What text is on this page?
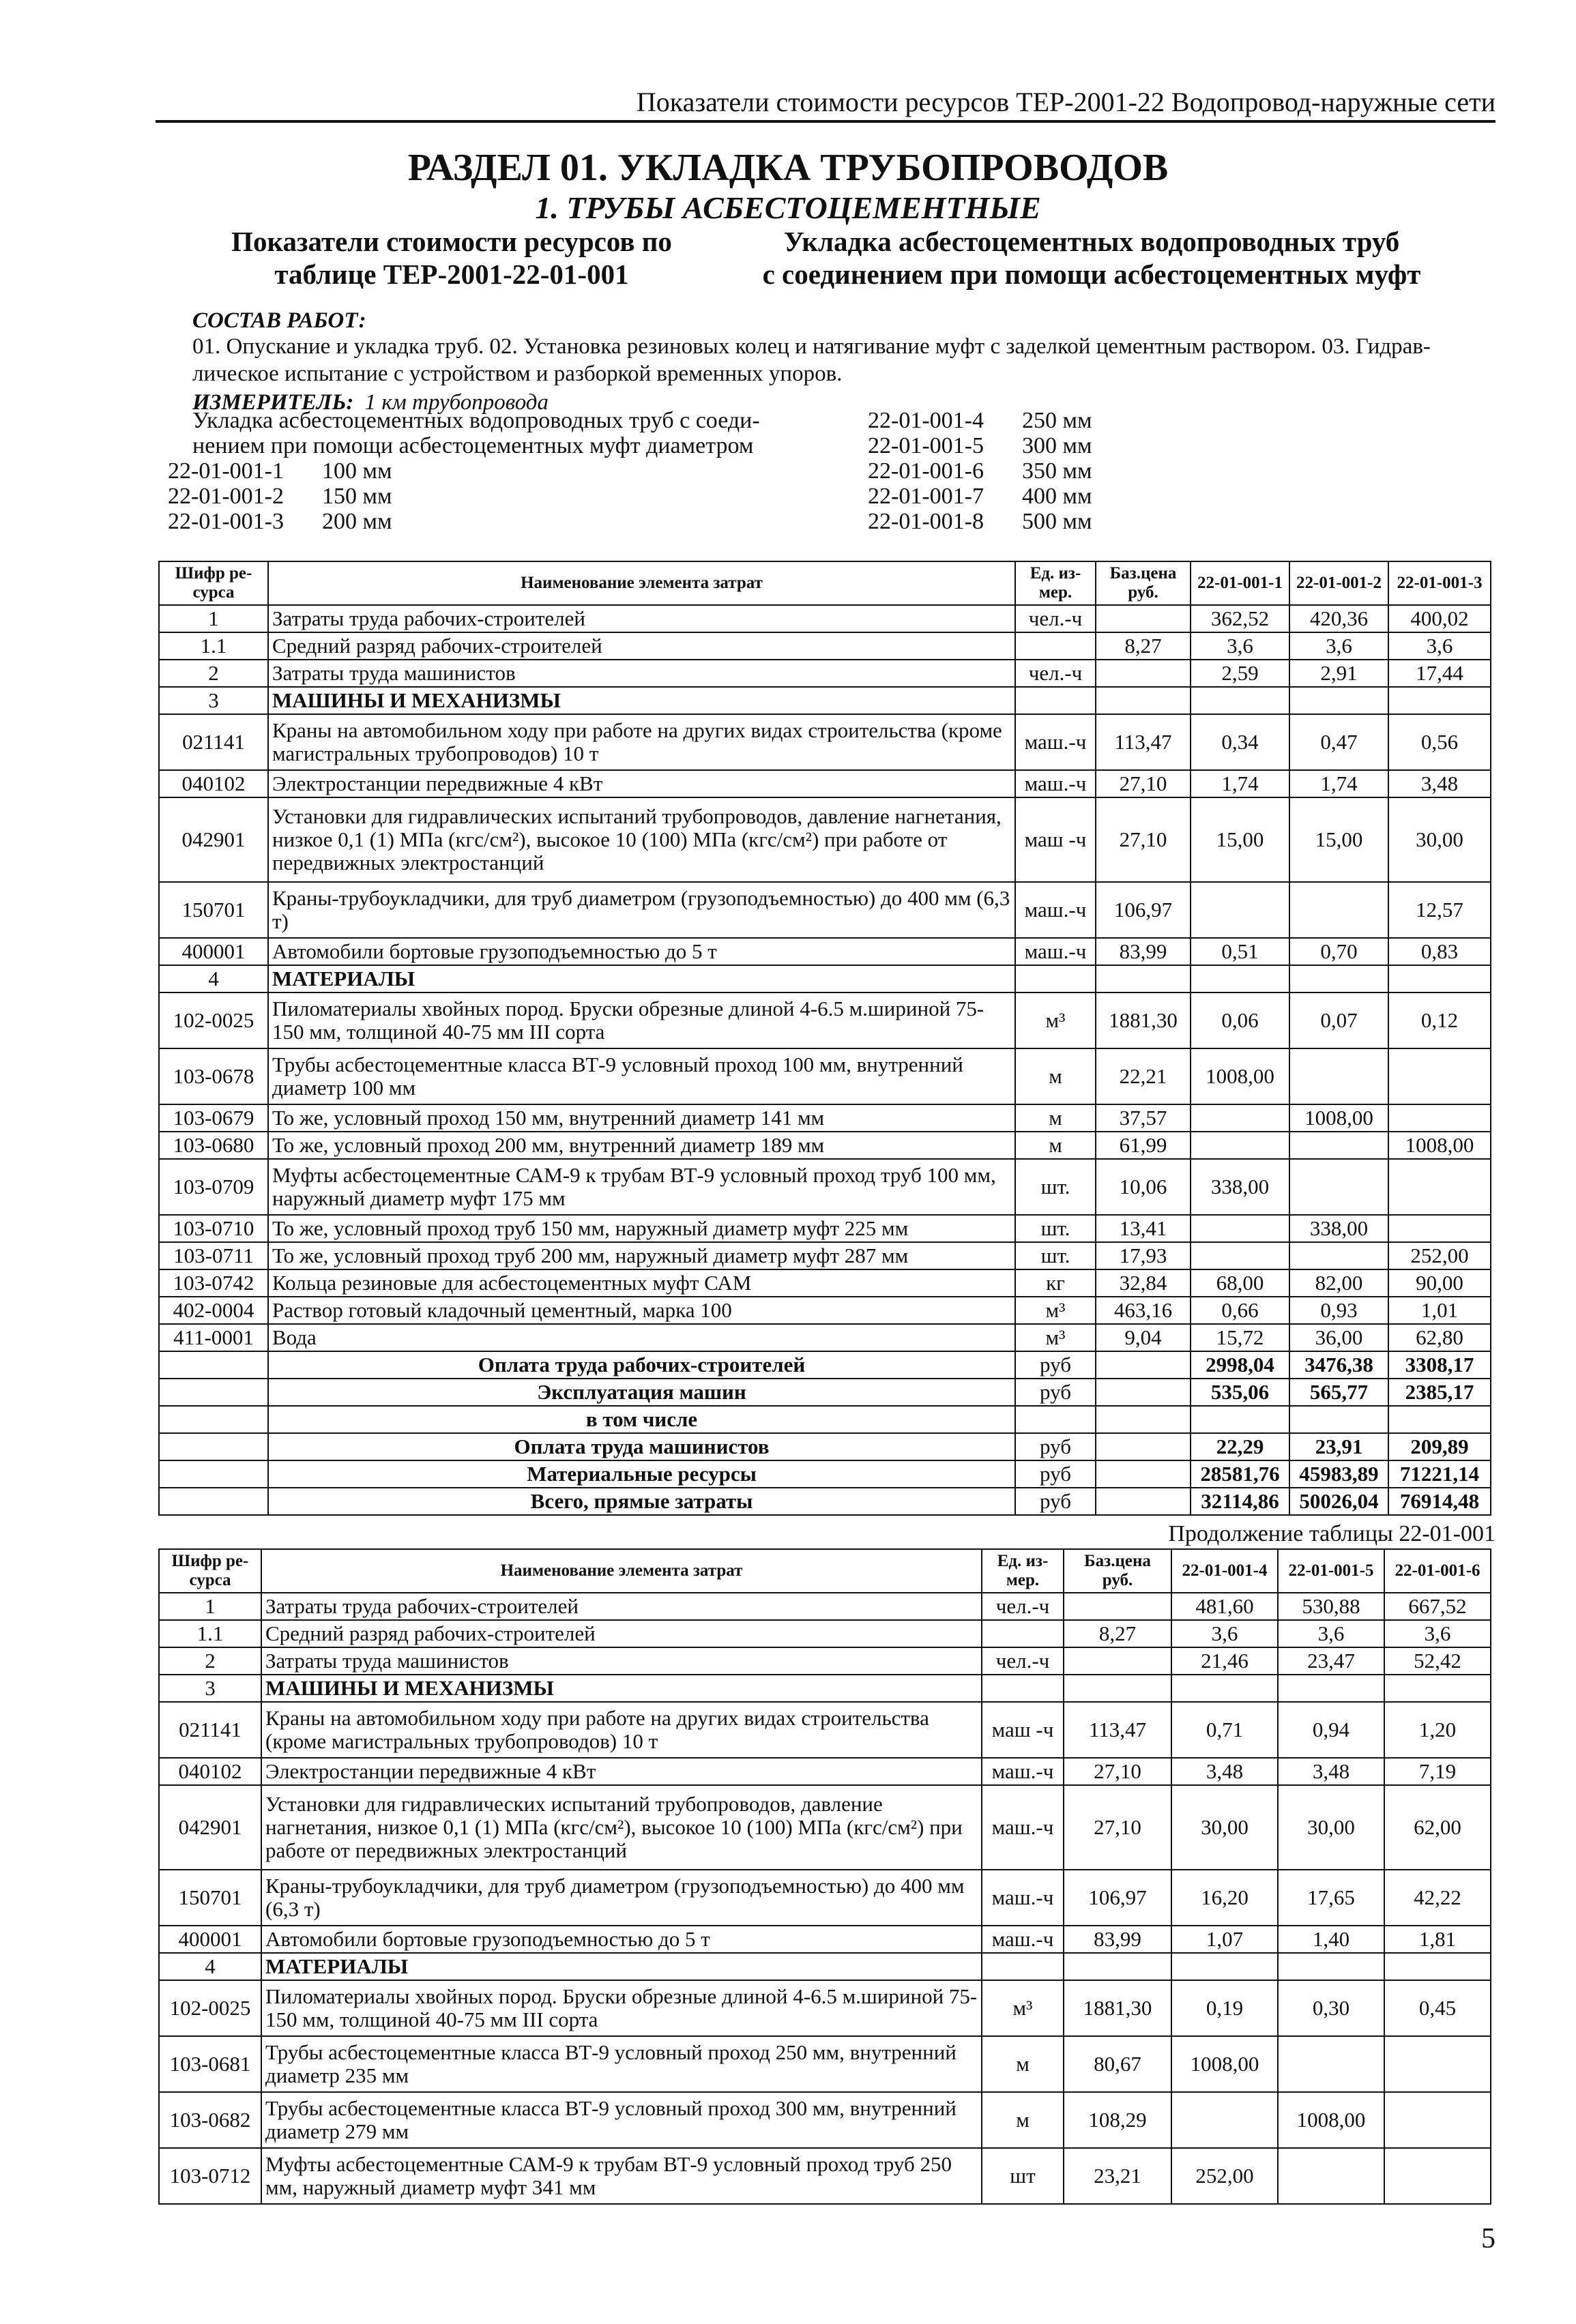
Показатели стоимости ресурсов ТЕР-2001-22 Водопровод-наружные сети
РАЗДЕЛ 01. УКЛАДКА ТРУБОПРОВОДОВ
1. ТРУБЫ АСБЕСТОЦЕМЕНТНЫЕ
Показатели стоимости ресурсов по
таблице ТЕР-2001-22-01-001
Укладка асбестоцементных водопроводных труб
с соединением при помощи асбестоцементных муфт
СОСТАВ РАБОТ:
01. Опускание и укладка труб. 02. Установка резиновых колец и натягивание муфт с заделкой цементным раствором. 03. Гидрав-
лическое испытание с устройством и разборкой временных упоров.
ИЗМЕРИТЕЛЬ: 1 км трубопровода
Укладка асбестоцементных водопроводных труб с соеди-
нением при помощи асбестоцементных муфт диаметром
22-01-001-1 100 мм
22-01-001-2 150 мм
22-01-001-3 200 мм
22-01-001-4 250 мм
22-01-001-5 300 мм
22-01-001-6 350 мм
22-01-001-7 400 мм
22-01-001-8 500 мм
Шифр ре-сурса	Наименование элемента затрат	Ед. из-мер.	Баз.цена руб.	22-01-001-1	22-01-001-2	22-01-001-3
1	Затраты труда рабочих-строителей	чел.-ч		362,52	420,36	400,02
1.1	Средний разряд рабочих-строителей		8,27	3,6	3,6	3,6
2	Затраты труда машинистов	чел.-ч		2,59	2,91	17,44
3	МАШИНЫ И МЕХАНИЗМЫ					
021141	Краны на автомобильном ходу при работе на других видах строительства (кроме магистральных трубопроводов) 10 т	маш.-ч	113,47	0,34	0,47	0,56
040102	Электростанции передвижные 4 кВт	маш.-ч	27,10	1,74	1,74	3,48
042901	Установки для гидравлических испытаний трубопроводов, давление нагнетания, низкое 0,1 (1) МПа (кгс/см²), высокое 10 (100) МПа (кгс/см²) при работе от передвижных электростанций	маш -ч	27,10	15,00	15,00	30,00
150701	Краны-трубоукладчики, для труб диаметром (грузоподъемностью) до 400 мм (6,3 т)	маш.-ч	106,97			12,57
400001	Автомобили бортовые грузоподъемностью до 5 т	маш.-ч	83,99	0,51	0,70	0,83
4	МАТЕРИАЛЫ					
102-0025	Пиломатериалы хвойных пород. Бруски обрезные длиной 4-6.5 м.шириной 75-150 мм, толщиной 40-75 мм III сорта	м³	1881,30	0,06	0,07	0,12
103-0678	Трубы асбестоцементные класса ВТ-9 условный проход 100 мм, внутренний диаметр 100 мм	м	22,21	1008,00		
103-0679	То же, условный проход 150 мм, внутренний диаметр 141 мм	м	37,57		1008,00	
103-0680	То же, условный проход 200 мм, внутренний диаметр 189 мм	м	61,99			1008,00
103-0709	Муфты асбестоцементные САМ-9 к трубам ВТ-9 условный проход труб 100 мм, наружный диаметр муфт 175 мм	шт.	10,06	338,00		
103-0710	То же, условный проход труб 150 мм, наружный диаметр муфт 225 мм	шт.	13,41		338,00	
103-0711	То же, условный проход труб 200 мм, наружный диаметр муфт 287 мм	шт.	17,93			252,00
103-0742	Кольца резиновые для асбестоцементных муфт САМ	кг	32,84	68,00	82,00	90,00
402-0004	Раствор готовый кладочный цементный, марка 100	м³	463,16	0,66	0,93	1,01
411-0001	Вода	м³	9,04	15,72	36,00	62,80
	Оплата труда рабочих-строителей	руб		2998,04	3476,38	3308,17
	Эксплуатация машин	руб		535,06	565,77	2385,17
	в том числе					
	Оплата труда машинистов	руб		22,29	23,91	209,89
	Материальные ресурсы	руб		28581,76	45983,89	71221,14
	Всего, прямые затраты	руб		32114,86	50026,04	76914,48
Продолжение таблицы 22-01-001
Шифр ре-сурса	Наименование элемента затрат	Ед. из-мер.	Баз.цена руб.	22-01-001-4	22-01-001-5	22-01-001-6
1	Затраты труда рабочих-строителей	чел.-ч		481,60	530,88	667,52
1.1	Средний разряд рабочих-строителей		8,27	3,6	3,6	3,6
2	Затраты труда машинистов	чел.-ч		21,46	23,47	52,42
3	МАШИНЫ И МЕХАНИЗМЫ					
021141	Краны на автомобильном ходу при работе на других видах строительства (кроме магистральных трубопроводов) 10 т	маш -ч	113,47	0,71	0,94	1,20
040102	Электростанции передвижные 4 кВт	маш.-ч	27,10	3,48	3,48	7,19
042901	Установки для гидравлических испытаний трубопроводов, давление нагнетания, низкое 0,1 (1) МПа (кгс/см²), высокое 10 (100) МПа (кгс/см²) при работе от передвижных электростанций	маш.-ч	27,10	30,00	30,00	62,00
150701	Краны-трубоукладчики, для труб диаметром (грузоподъемностью) до 400 мм (6,3 т)	маш.-ч	106,97	16,20	17,65	42,22
400001	Автомобили бортовые грузоподъемностью до 5 т	маш.-ч	83,99	1,07	1,40	1,81
4	МАТЕРИАЛЫ					
102-0025	Пиломатериалы хвойных пород. Бруски обрезные длиной 4-6.5 м.шириной 75-150 мм, толщиной 40-75 мм III сорта	м³	1881,30	0,19	0,30	0,45
103-0681	Трубы асбестоцементные класса ВТ-9 условный проход 250 мм, внутренний диаметр 235 мм	м	80,67	1008,00		
103-0682	Трубы асбестоцементные класса ВТ-9 условный проход 300 мм, внутренний диаметр 279 мм	м	108,29		1008,00	
103-0712	Муфты асбестоцементные САМ-9 к трубам ВТ-9 условный проход труб 250 мм, наружный диаметр муфт 341 мм	шт	23,21	252,00		
5
